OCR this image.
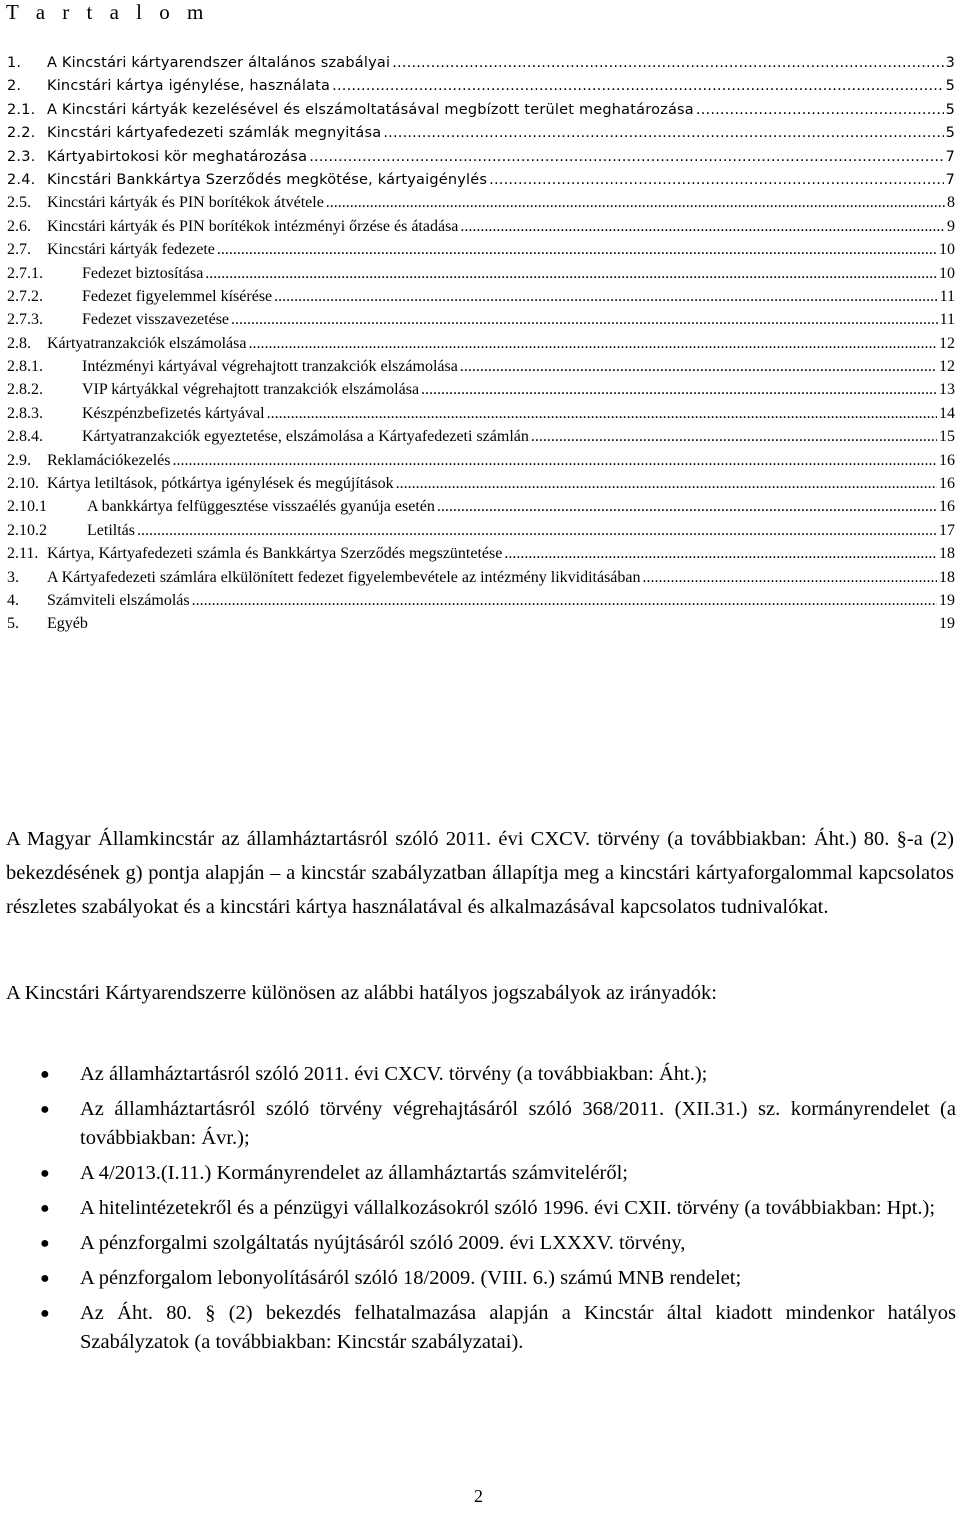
T a r t a l o m
1.	A Kincstári kártyarendszer általános szabályai .....	3
2.	Kincstári kártya igénylése, használata .....	5
2.1. A Kincstári kártyák kezelésével és elszámoltatásával megbízott terület meghatározása .....	5
2.2. Kincstári kártyafedezeti számlák megnyitása .....	5
2.3. Kártyabirtokosi kör meghatározása .....	7
2.4. Kincstári Bankkártya Szerződés megkötése, kártyaigénylés .....	7
2.5.	Kincstári kártyák és PIN borítékok átvétele .....	8
2.6.	Kincstári kártyák és PIN borítékok intézményi őrzése és átadása .....	9
2.7.	Kincstári kártyák fedezete .....	10
2.7.1.	Fedezet biztosítása .....	10
2.7.2.	Fedezet figyelemmel kísérése .....	11
2.7.3.	Fedezet visszavezetése .....	11
2.8.	Kártyatranzakciók elszámolása .....	12
2.8.1.	Intézményi kártyával végrehajtott tranzakciók elszámolása .....	12
2.8.2.	VIP kártyákkal végrehajtott tranzakciók elszámolása .....	13
2.8.3.	Készpénzbefizetés kártyával .....	14
2.8.4.	Kártyatranzakciók egyeztetése, elszámolása a Kártyafedezeti számlán .....	15
2.9.	Reklamációkezelés .....	16
2.10. Kártya letiltások, pótkártya igénylések és megújítások .....	16
2.10.1	A bankkártya felfüggesztése visszaélés gyanúja esetén .....	16
2.10.2	Letiltás .....	17
2.11. Kártya, Kártyafedezeti számla és Bankkártya Szerződés megszüntetése .....	18
3.	A Kártyafedezeti számlára elkülönített fedezet figyelembevétele az intézmény likviditásában .....	18
4.	Számviteli elszámolás .....	19
5.	Egyéb	19
A Magyar Államkincstár az államháztartásról szóló 2011. évi CXCV. törvény (a továbbiakban: Áht.) 80. §-a (2) bekezdésének g) pontja alapján – a kincstár szabályzatban állapítja meg a kincstári kártyaforgalommal kapcsolatos részletes szabályokat és a kincstári kártya használatával és alkalmazásával kapcsolatos tudnivalókat.
A Kincstári Kártyarendszerre különösen az alábbi hatályos jogszabályok az irányadók:
● Az államháztartásról szóló 2011. évi CXCV. törvény (a továbbiakban: Áht.);
● Az államháztartásról szóló törvény végrehajtásáról szóló 368/2011. (XII.31.) sz. kormányrendelet (a továbbiakban: Ávr.);
● A 4/2013.(I.11.) Kormányrendelet az államháztartás számviteléről;
● A hitelintézetekről és a pénzügyi vállalkozásokról szóló 1996. évi CXII. törvény (a továbbiakban: Hpt.);
● A pénzforgalmi szolgáltatás nyújtásáról szóló 2009. évi LXXXV. törvény,
● A pénzforgalom lebonyolításáról szóló 18/2009. (VIII. 6.) számú MNB rendelet;
● Az Áht. 80. § (2) bekezdés felhatalmazása alapján a Kincstár által kiadott mindenkor hatályos Szabályzatok (a továbbiakban: Kincstár szabályzatai).
2
